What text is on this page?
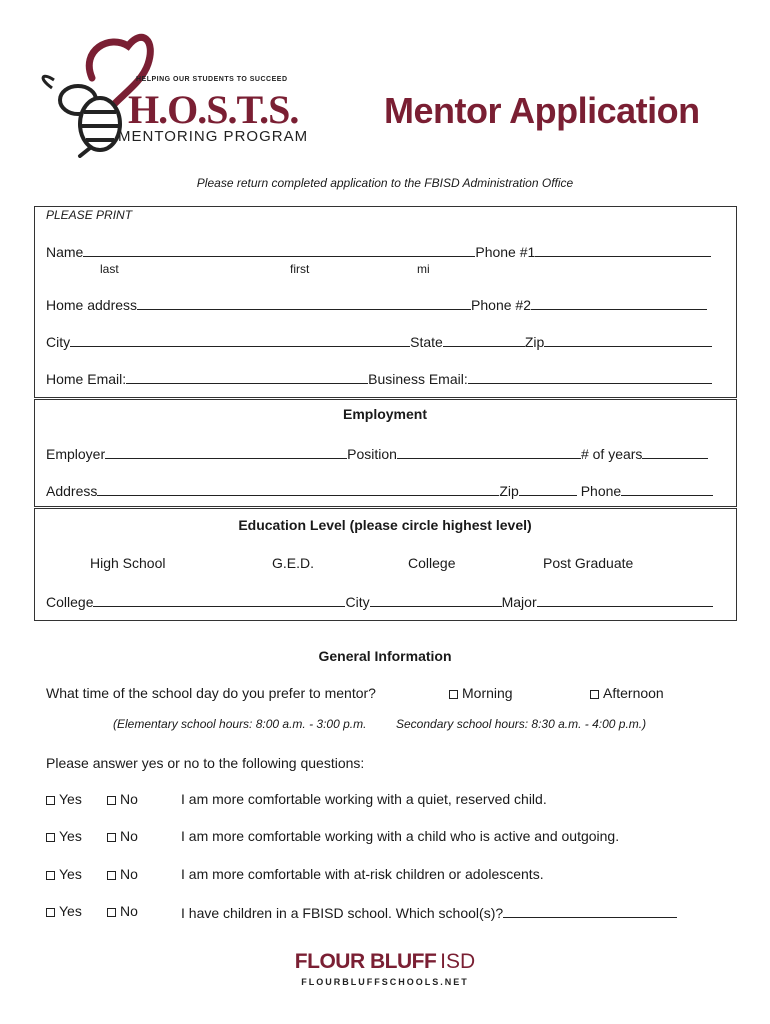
HELPING OUR STUDENTS TO SUCCEED
H.O.S.T.S.
MENTORING PROGRAM
Mentor Application
Please return completed application to the FBISD Administration Office
PLEASE PRINT
Name	Phone #1
last	first	mi
Home address	Phone #2
City	State	Zip
Home Email:	Business Email:
Employment
Employer	Position	# of years
Address	Zip	Phone
Education Level (please circle highest level)
High School	G.E.D.	College	Post Graduate
College	City	Major
General Information
What time of the school day do you prefer to mentor?	Morning	Afternoon
(Elementary school hours: 8:00 a.m. - 3:00 p.m. Secondary school hours: 8:30 a.m. - 4:00 p.m.)
Please answer yes or no to the following questions:
Yes	No	I am more comfortable working with a quiet, reserved child.
Yes	No	I am more comfortable working with a child who is active and outgoing.
Yes	No	I am more comfortable with at-risk children or adolescents.
Yes	No	I have children in a FBISD school. Which school(s)?
FLOUR BLUFF ISD
FLOURBLUFFSCHOOLS.NET
